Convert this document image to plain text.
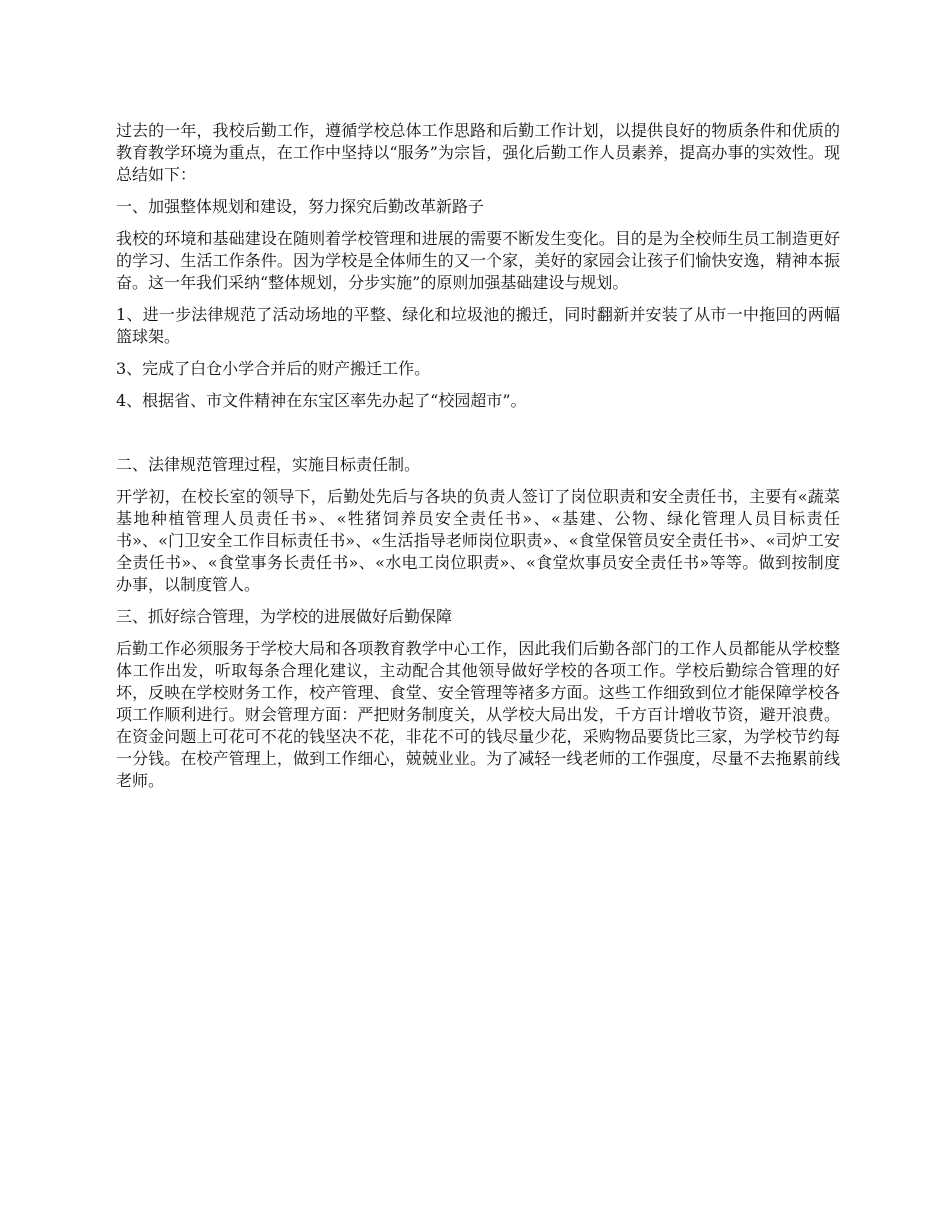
过去的一年，我校后勤工作，遵循学校总体工作思路和后勤工作计划，以提供良好的物质条件和优质的教育教学环境为重点，在工作中坚持以“服务”为宗旨，强化后勤工作人员素养，提高办事的实效性。现总结如下：

一、加强整体规划和建设，努力探究后勤改革新路子

我校的环境和基础建设在随则着学校管理和进展的需要不断发生变化。目的是为全校师生员工制造更好的学习、生活工作条件。因为学校是全体师生的又一个家，美好的家园会让孩子们愉快安逸，精神本振奋。这一年我们采纳“整体规划，分步实施”的原则加强基础建设与规划。

1、进一步法律规范了活动场地的平整、绿化和垃圾池的搬迁，同时翻新并安装了从市一中拖回的两幅篮球架。

3、完成了白仓小学合并后的财产搬迁工作。

4、根据省、市文件精神在东宝区率先办起了“校园超市”。

二、法律规范管理过程，实施目标责任制。

开学初，在校长室的领导下，后勤处先后与各块的负责人签订了岗位职责和安全责任书，主要有«蔬菜基地种植管理人员责任书»、«牲猪饲养员安全责任书»、«基建、公物、绿化管理人员目标责任书»、«门卫安全工作目标责任书»、«生活指导老师岗位职责»、«食堂保管员安全责任书»、«司炉工安全责任书»、«食堂事务长责任书»、«水电工岗位职责»、«食堂炊事员安全责任书»等等。做到按制度办事，以制度管人。

三、抓好综合管理，为学校的进展做好后勤保障

后勤工作必须服务于学校大局和各项教育教学中心工作，因此我们后勤各部门的工作人员都能从学校整体工作出发，听取每条合理化建议，主动配合其他领导做好学校的各项工作。学校后勤综合管理的好坏，反映在学校财务工作，校产管理、食堂、安全管理等褚多方面。这些工作细致到位才能保障学校各项工作顺利进行。财会管理方面：严把财务制度关，从学校大局出发，千方百计增收节资，避开浪费。在资金问题上可花可不花的钱坚决不花，非花不可的钱尽量少花，采购物品要货比三家，为学校节约每一分钱。在校产管理上，做到工作细心，兢兢业业。为了减轻一线老师的工作强度，尽量不去拖累前线老师。
